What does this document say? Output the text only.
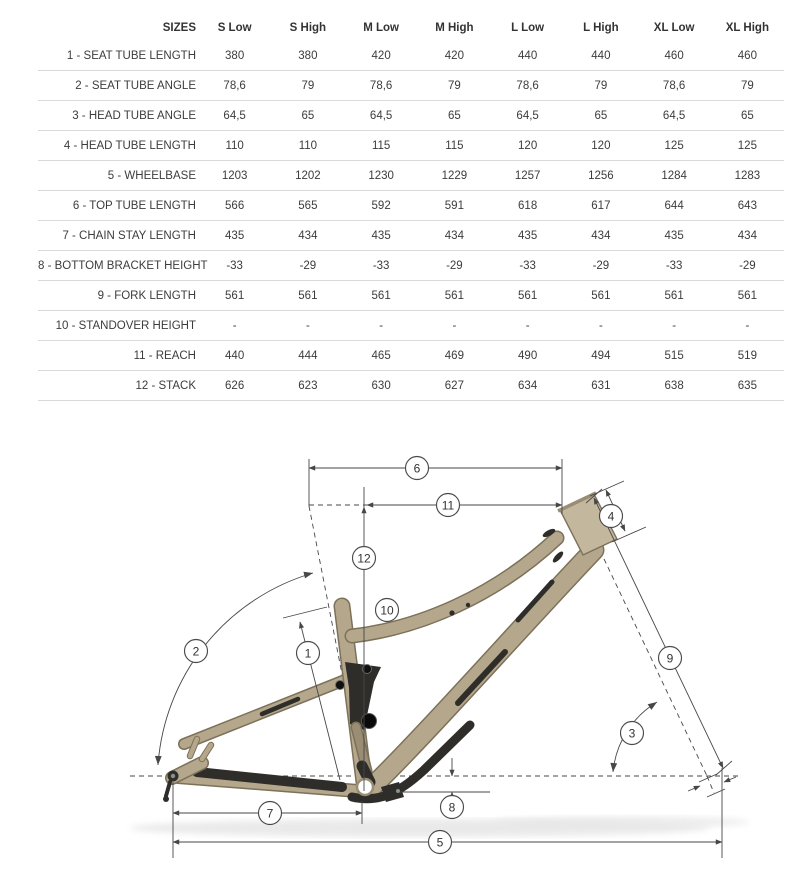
SIZES	S Low	S High	M Low	M High	L Low	L High	XL Low	XL High
1 - SEAT TUBE LENGTH	380	380	420	420	440	440	460	460
2 - SEAT TUBE ANGLE	78,6	79	78,6	79	78,6	79	78,6	79
3 - HEAD TUBE ANGLE	64,5	65	64,5	65	64,5	65	64,5	65
4 - HEAD TUBE LENGTH	110	110	115	115	120	120	125	125
5 - WHEELBASE	1203	1202	1230	1229	1257	1256	1284	1283
6 - TOP TUBE LENGTH	566	565	592	591	618	617	644	643
7 - CHAIN STAY LENGTH	435	434	435	434	435	434	435	434
8 - BOTTOM BRACKET HEIGHT	-33	-29	-33	-29	-33	-29	-33	-29
9 - FORK LENGTH	561	561	561	561	561	561	561	561
10 - STANDOVER HEIGHT	-	-	-	-	-	-	-	-
11 - REACH	440	444	465	469	490	494	515	519
12 - STACK	626	623	630	627	634	631	638	635
1
2
3
4
5
6
7	8
9
10
11
12
